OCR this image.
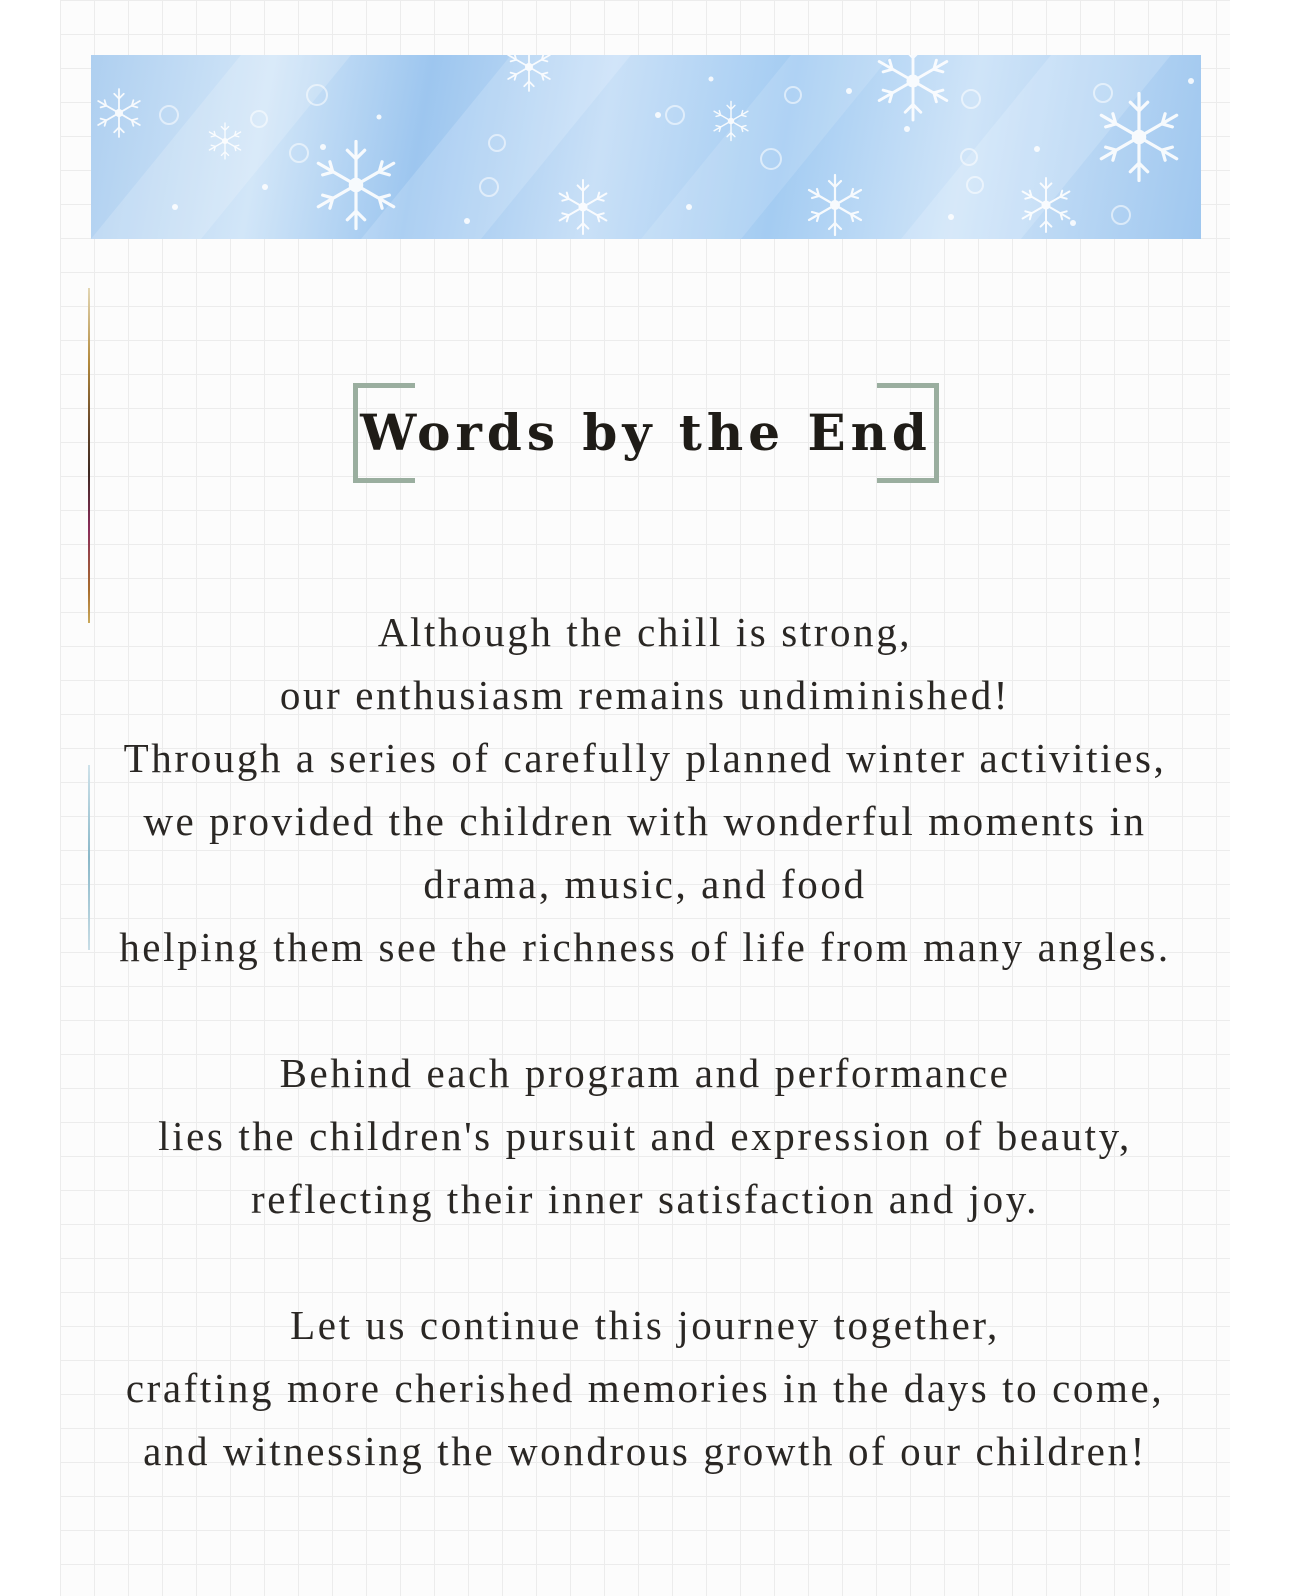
Words by the End

Although the chill is strong,
our enthusiasm remains undiminished!
Through a series of carefully planned winter activities,
we provided the children with wonderful moments in
drama, music, and food
helping them see the richness of life from many angles.

Behind each program and performance
lies the children's pursuit and expression of beauty,
reflecting their inner satisfaction and joy.

Let us continue this journey together,
crafting more cherished memories in the days to come,
and witnessing the wondrous growth of our children!
